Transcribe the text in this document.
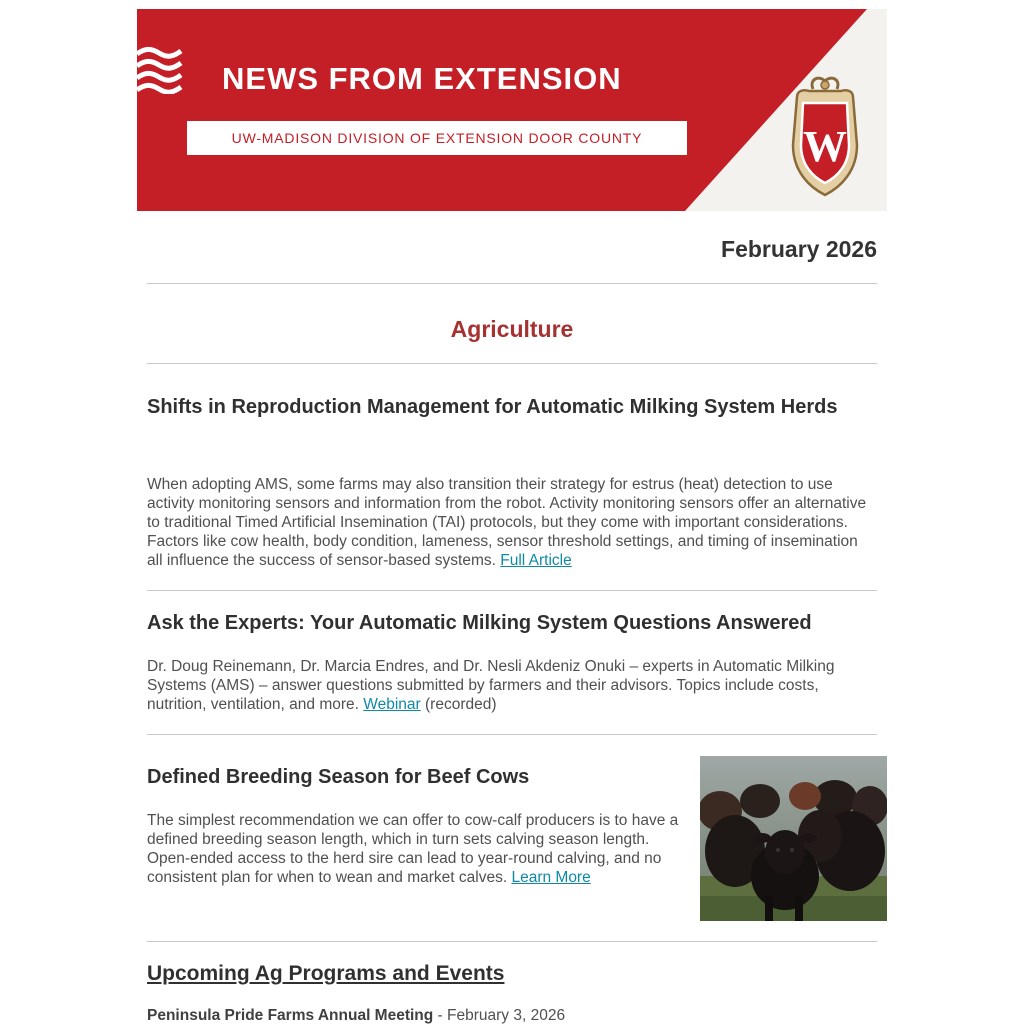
NEWS FROM EXTENSION
UW-MADISON DIVISION OF EXTENSION DOOR COUNTY	W
February 2026
Agriculture
Shifts in Reproduction Management for Automatic Milking System Herds
When adopting AMS, some farms may also transition their strategy for estrus (heat) detection to use activity monitoring sensors and information from the robot. Activity monitoring sensors offer an alternative to traditional Timed Artificial Insemination (TAI) protocols, but they come with important considerations. Factors like cow health, body condition, lameness, sensor threshold settings, and timing of insemination all influence the success of sensor-based systems. Full Article
Ask the Experts: Your Automatic Milking System Questions Answered
Dr. Doug Reinemann, Dr. Marcia Endres, and Dr. Nesli Akdeniz Onuki – experts in Automatic Milking Systems (AMS) – answer questions submitted by farmers and their advisors. Topics include costs, nutrition, ventilation, and more. Webinar (recorded)
Defined Breeding Season for Beef Cows
The simplest recommendation we can offer to cow-calf producers is to have a defined breeding season length, which in turn sets calving season length. Open-ended access to the herd sire can lead to year-round calving, and no consistent plan for when to wean and market calves. Learn More
Upcoming Ag Programs and Events
Peninsula Pride Farms Annual Meeting - February 3, 2026
